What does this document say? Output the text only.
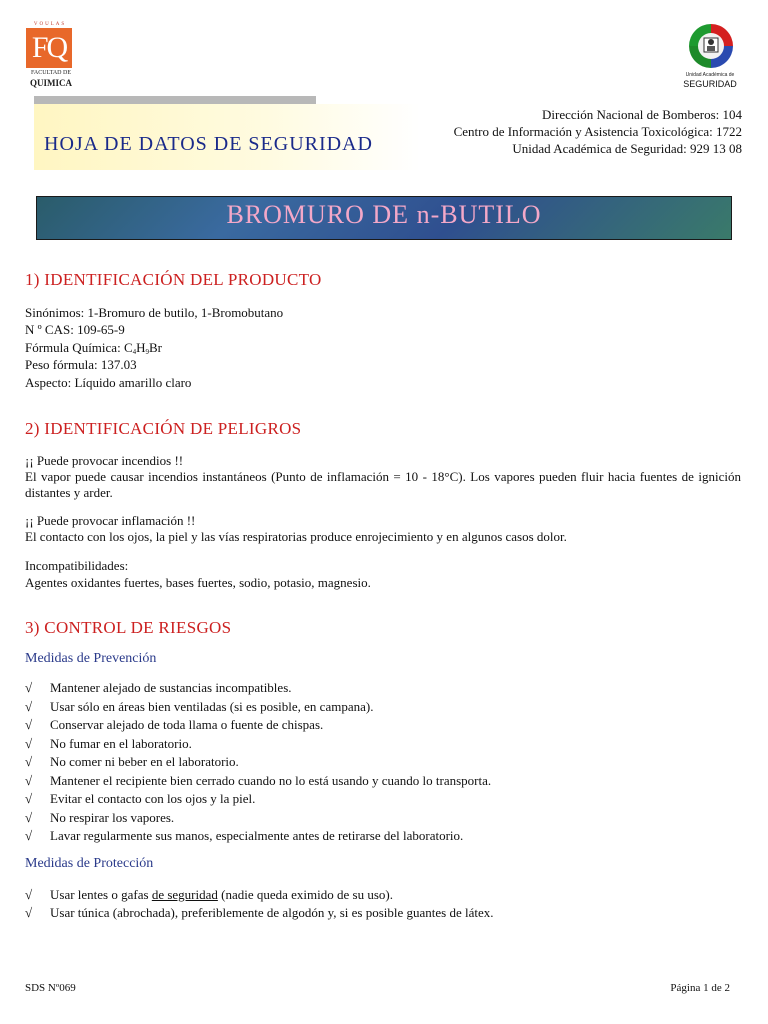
VOULAS
FQ
FACULTAD DE
QUIMICA
Unidad Académica de
SEGURIDAD
HOJA DE DATOS DE SEGURIDAD
Dirección Nacional de Bomberos: 104
Centro de Información y Asistencia Toxicológica: 1722
Unidad Académica de Seguridad: 929 13 08
BROMURO DE n-BUTILO
1) IDENTIFICACIÓN DEL PRODUCTO
Sinónimos: 1-Bromuro de butilo, 1-Bromobutano
N º CAS: 109-65-9
Fórmula Química: C4H9Br
Peso fórmula: 137.03
Aspecto: Líquido amarillo claro
2) IDENTIFICACIÓN DE PELIGROS
¡¡ Puede provocar incendios !!
El vapor puede causar incendios instantáneos (Punto de inflamación = 10 - 18°C). Los vapores pueden fluir hacia fuentes de ignición distantes y arder.
¡¡ Puede provocar inflamación !!
El contacto con los ojos, la piel y las vías respiratorias produce enrojecimiento y en algunos casos dolor.
Incompatibilidades:
Agentes oxidantes fuertes, bases fuertes, sodio, potasio, magnesio.
3) CONTROL DE RIESGOS
Medidas de Prevención
√ Mantener alejado de sustancias incompatibles.
√ Usar sólo en áreas bien ventiladas (si es posible, en campana).
√ Conservar alejado de toda llama o fuente de chispas.
√ No fumar en el laboratorio.
√ No comer ni beber en el laboratorio.
√ Mantener el recipiente bien cerrado cuando no lo está usando y cuando lo transporta.
√ Evitar el contacto con los ojos y la piel.
√ No respirar los vapores.
√ Lavar regularmente sus manos, especialmente antes de retirarse del laboratorio.
Medidas de Protección
√ Usar lentes o gafas de seguridad (nadie queda eximido de su uso).
√ Usar túnica (abrochada), preferiblemente de algodón y, si es posible guantes de látex.
SDS Nº069	Página 1 de 2
